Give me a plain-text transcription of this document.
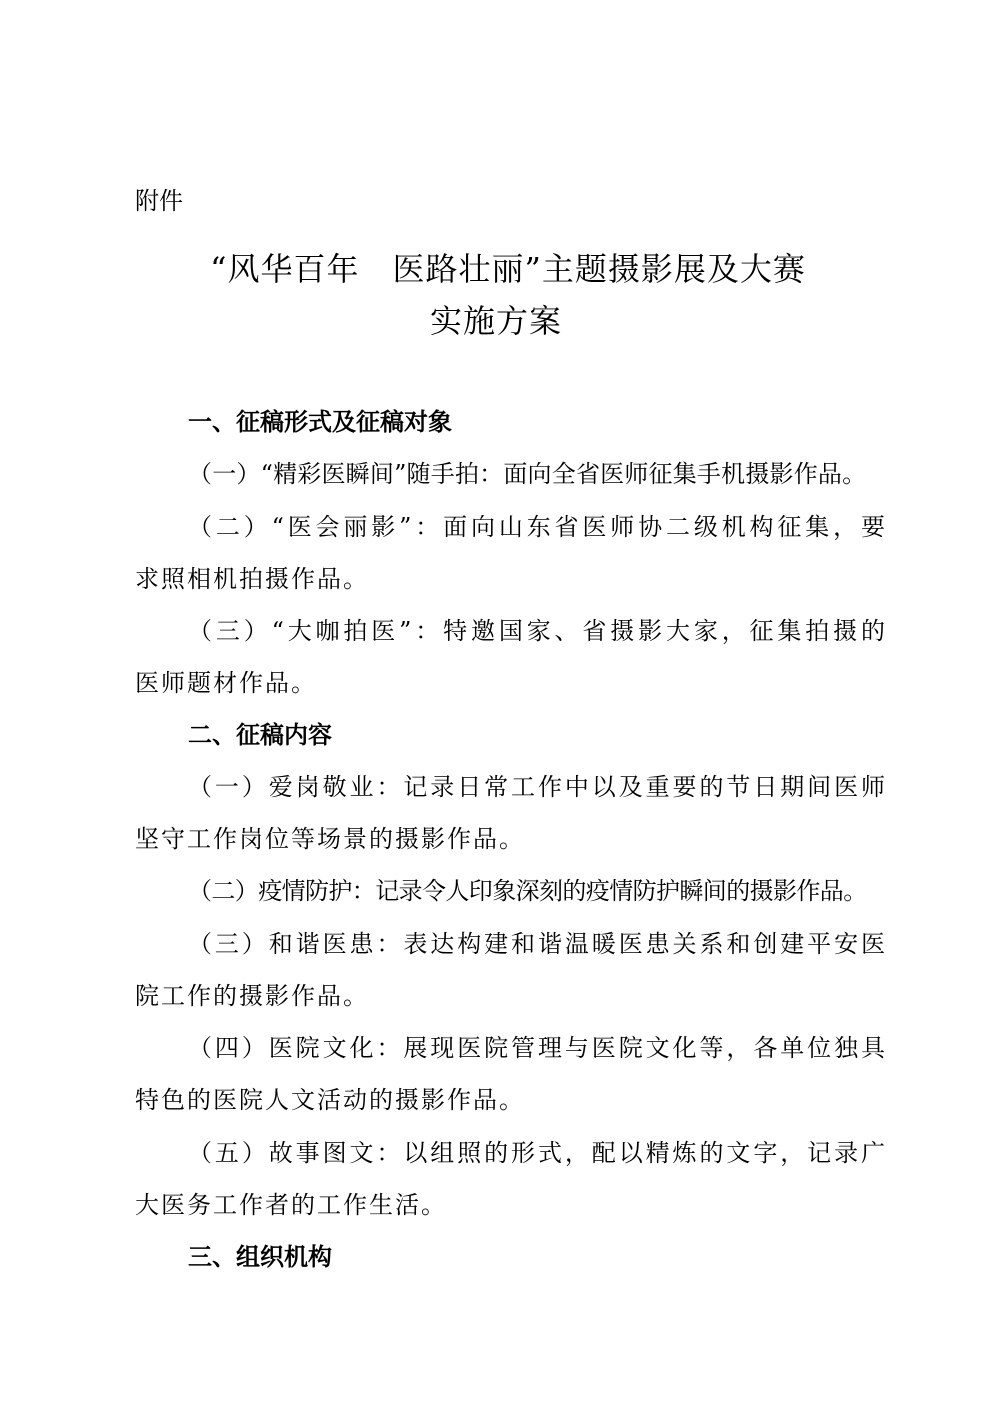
附件
“风华百年　医路壮丽”主题摄影展及大赛
实施方案
一、征稿形式及征稿对象
（一）“精彩医瞬间”随手拍：面向全省医师征集手机摄影作品。
（二）“医会丽影”：面向山东省医师协二级机构征集，要
求照相机拍摄作品。
（三）“大咖拍医”：特邀国家、省摄影大家，征集拍摄的
医师题材作品。
二、征稿内容
（一）爱岗敬业：记录日常工作中以及重要的节日期间医师
坚守工作岗位等场景的摄影作品。
（二）疫情防护：记录令人印象深刻的疫情防护瞬间的摄影作品。
（三）和谐医患：表达构建和谐温暖医患关系和创建平安医
院工作的摄影作品。
（四）医院文化：展现医院管理与医院文化等，各单位独具
特色的医院人文活动的摄影作品。
（五）故事图文：以组照的形式，配以精炼的文字，记录广
大医务工作者的工作生活。
三、组织机构
